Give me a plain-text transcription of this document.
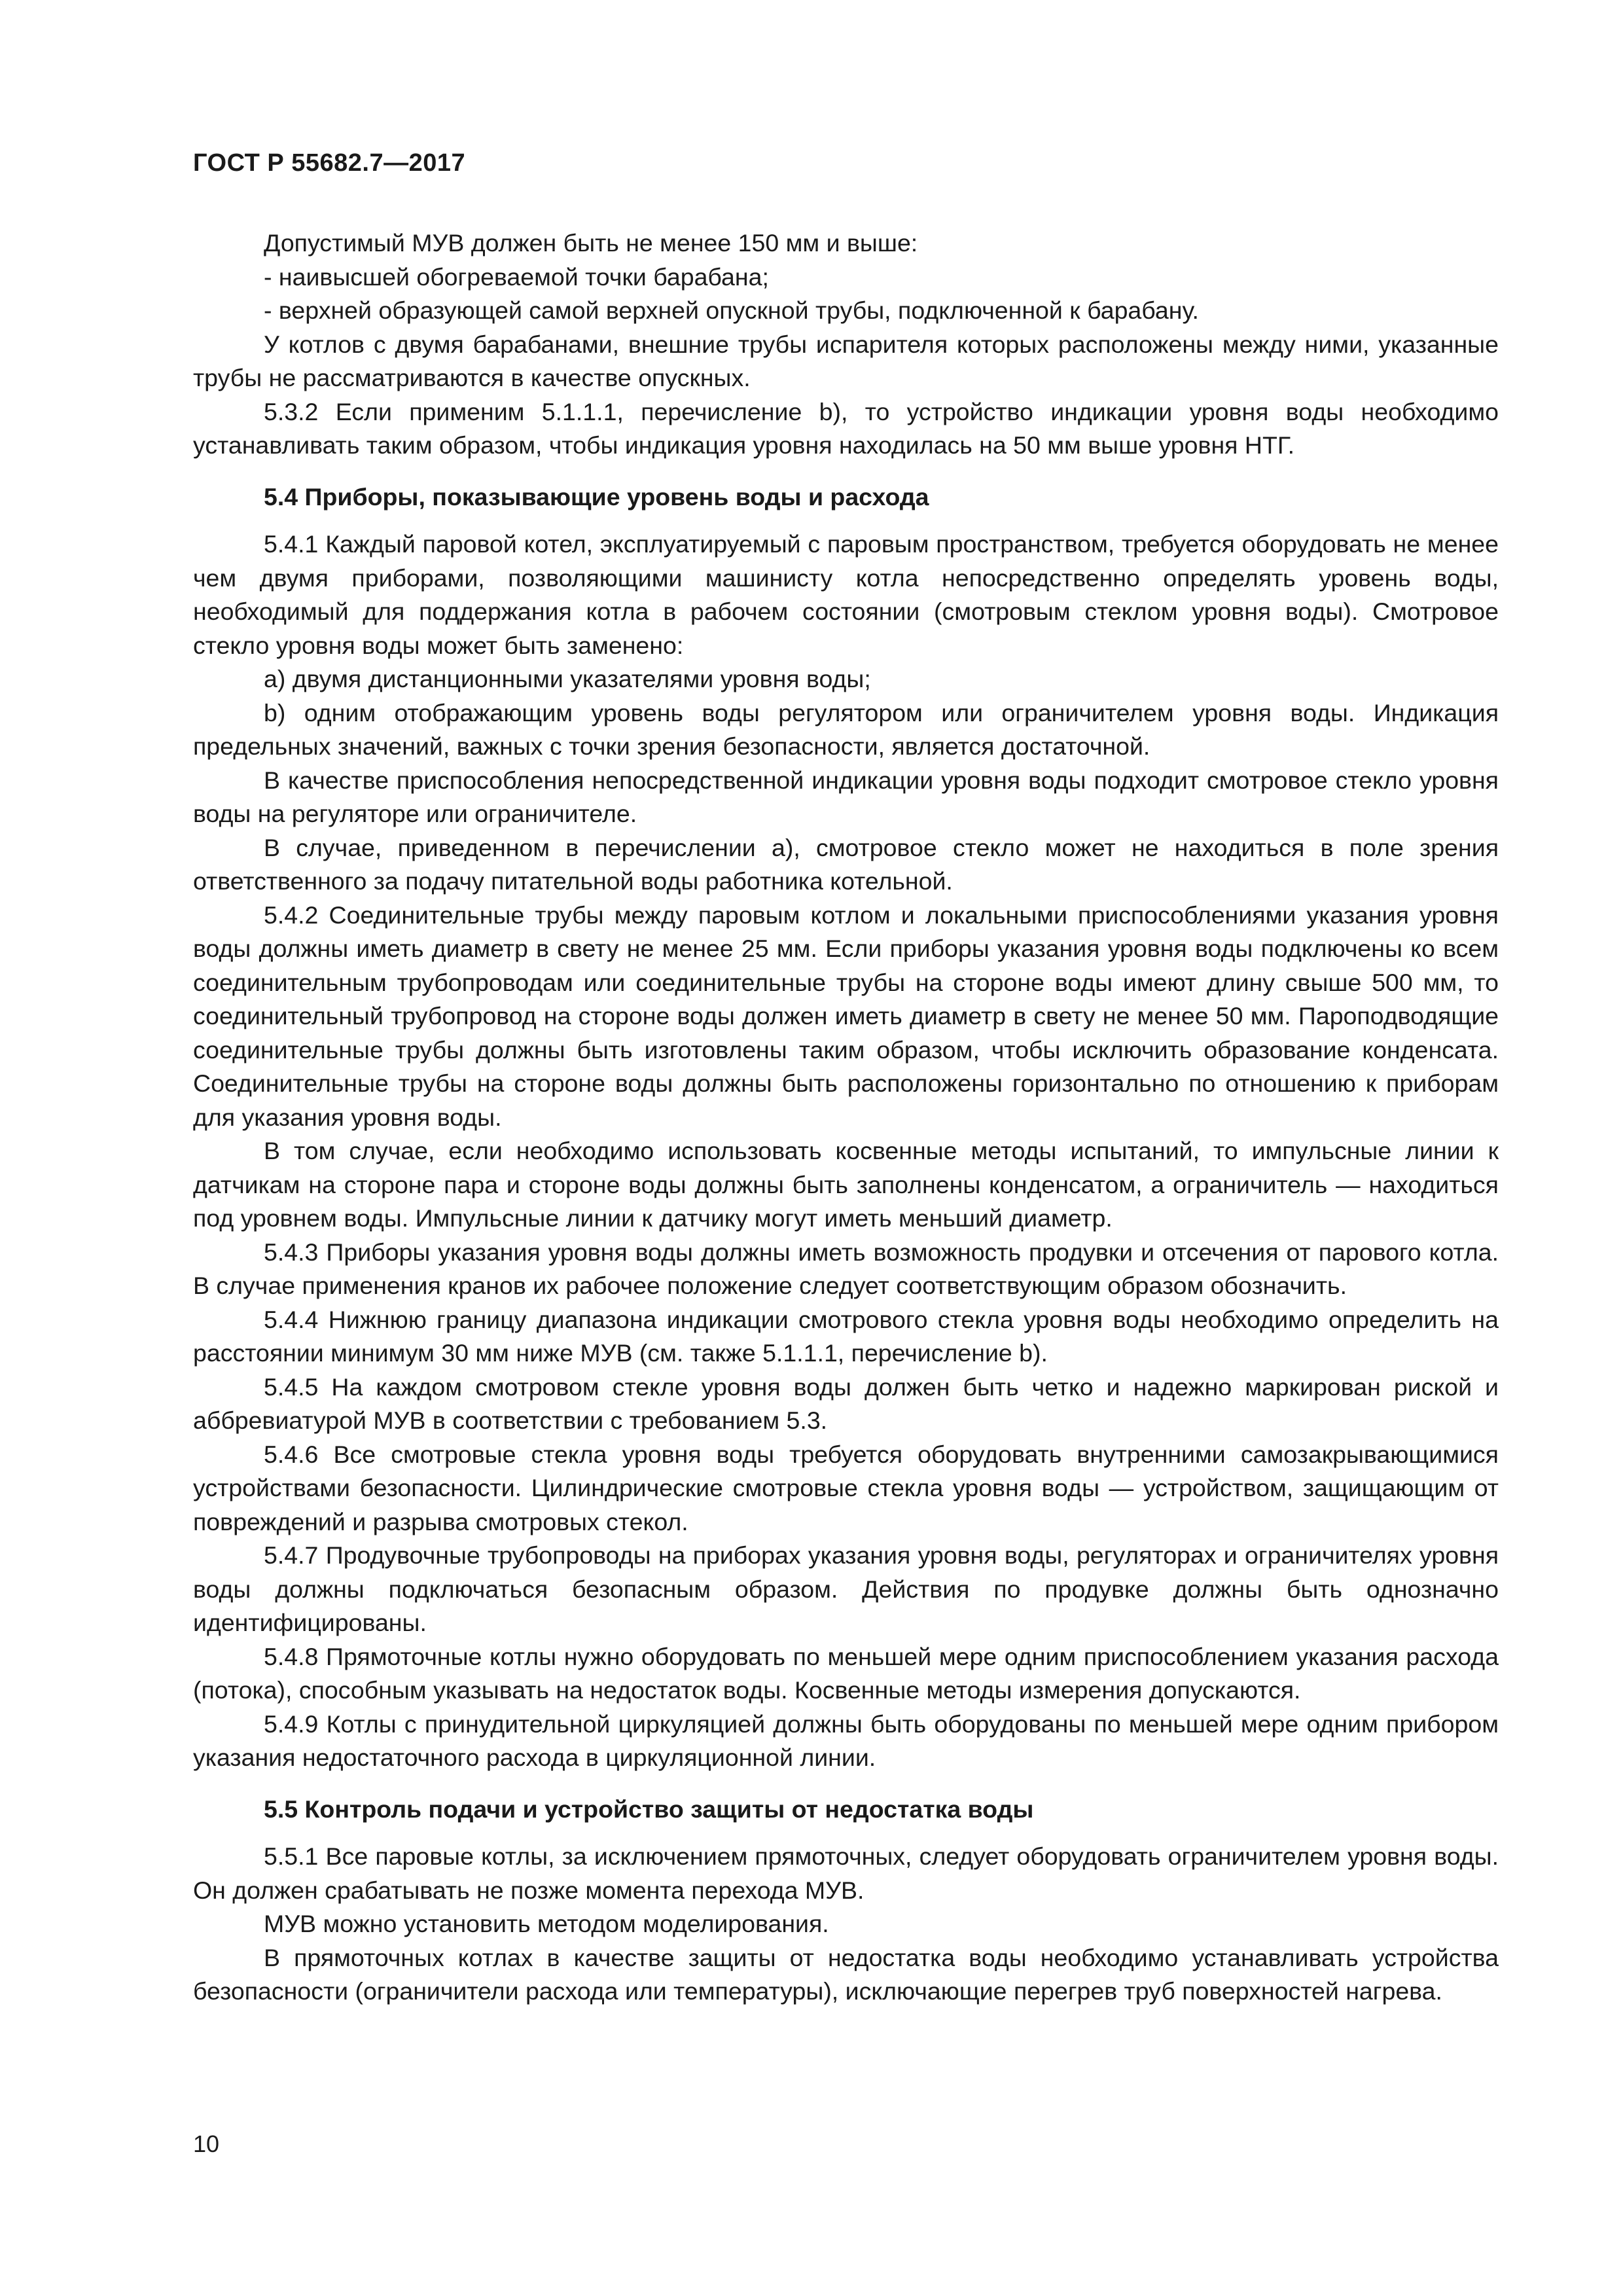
ГОСТ Р 55682.7—2017

Допустимый МУВ должен быть не менее 150 мм и выше:

- наивысшей обогреваемой точки барабана;

- верхней образующей самой верхней опускной трубы, подключенной к барабану.

У котлов с двумя барабанами, внешние трубы испарителя которых расположены между ними, указанные трубы не рассматриваются в качестве опускных.

5.3.2 Если применим 5.1.1.1, перечисление b), то устройство индикации уровня воды необходимо устанавливать таким образом, чтобы индикация уровня находилась на 50 мм выше уровня НТГ.

5.4 Приборы, показывающие уровень воды и расхода

5.4.1 Каждый паровой котел, эксплуатируемый с паровым пространством, требуется оборудовать не менее чем двумя приборами, позволяющими машинисту котла непосредственно определять уровень воды, необходимый для поддержания котла в рабочем состоянии (смотровым стеклом уровня воды). Смотровое стекло уровня воды может быть заменено:

а) двумя дистанционными указателями уровня воды;

b) одним отображающим уровень воды регулятором или ограничителем уровня воды. Индикация предельных значений, важных с точки зрения безопасности, является достаточной.

В качестве приспособления непосредственной индикации уровня воды подходит смотровое стекло уровня воды на регуляторе или ограничителе.

В случае, приведенном в перечислении а), смотровое стекло может не находиться в поле зрения ответственного за подачу питательной воды работника котельной.

5.4.2 Соединительные трубы между паровым котлом и локальными приспособлениями указания уровня воды должны иметь диаметр в свету не менее 25 мм. Если приборы указания уровня воды подключены ко всем соединительным трубопроводам или соединительные трубы на стороне воды имеют длину свыше 500 мм, то соединительный трубопровод на стороне воды должен иметь диаметр в свету не менее 50 мм. Пароподводящие соединительные трубы должны быть изготовлены таким образом, чтобы исключить образование конденсата. Соединительные трубы на стороне воды должны быть расположены горизонтально по отношению к приборам для указания уровня воды.

В том случае, если необходимо использовать косвенные методы испытаний, то импульсные линии к датчикам на стороне пара и стороне воды должны быть заполнены конденсатом, а ограничитель — находиться под уровнем воды. Импульсные линии к датчику могут иметь меньший диаметр.

5.4.3 Приборы указания уровня воды должны иметь возможность продувки и отсечения от парового котла. В случае применения кранов их рабочее положение следует соответствующим образом обозначить.

5.4.4 Нижнюю границу диапазона индикации смотрового стекла уровня воды необходимо определить на расстоянии минимум 30 мм ниже МУВ (см. также 5.1.1.1, перечисление b).

5.4.5 На каждом смотровом стекле уровня воды должен быть четко и надежно маркирован риской и аббревиатурой МУВ в соответствии с требованием 5.3.

5.4.6 Все смотровые стекла уровня воды требуется оборудовать внутренними самозакрывающимися устройствами безопасности. Цилиндрические смотровые стекла уровня воды — устройством, защищающим от повреждений и разрыва смотровых стекол.

5.4.7 Продувочные трубопроводы на приборах указания уровня воды, регуляторах и ограничителях уровня воды должны подключаться безопасным образом. Действия по продувке должны быть однозначно идентифицированы.

5.4.8 Прямоточные котлы нужно оборудовать по меньшей мере одним приспособлением указания расхода (потока), способным указывать на недостаток воды. Косвенные методы измерения допускаются.

5.4.9 Котлы с принудительной циркуляцией должны быть оборудованы по меньшей мере одним прибором указания недостаточного расхода в циркуляционной линии.

5.5 Контроль подачи и устройство защиты от недостатка воды

5.5.1 Все паровые котлы, за исключением прямоточных, следует оборудовать ограничителем уровня воды. Он должен срабатывать не позже момента перехода МУВ.

МУВ можно установить методом моделирования.

В прямоточных котлах в качестве защиты от недостатка воды необходимо устанавливать устройства безопасности (ограничители расхода или температуры), исключающие перегрев труб поверхностей нагрева.

10
